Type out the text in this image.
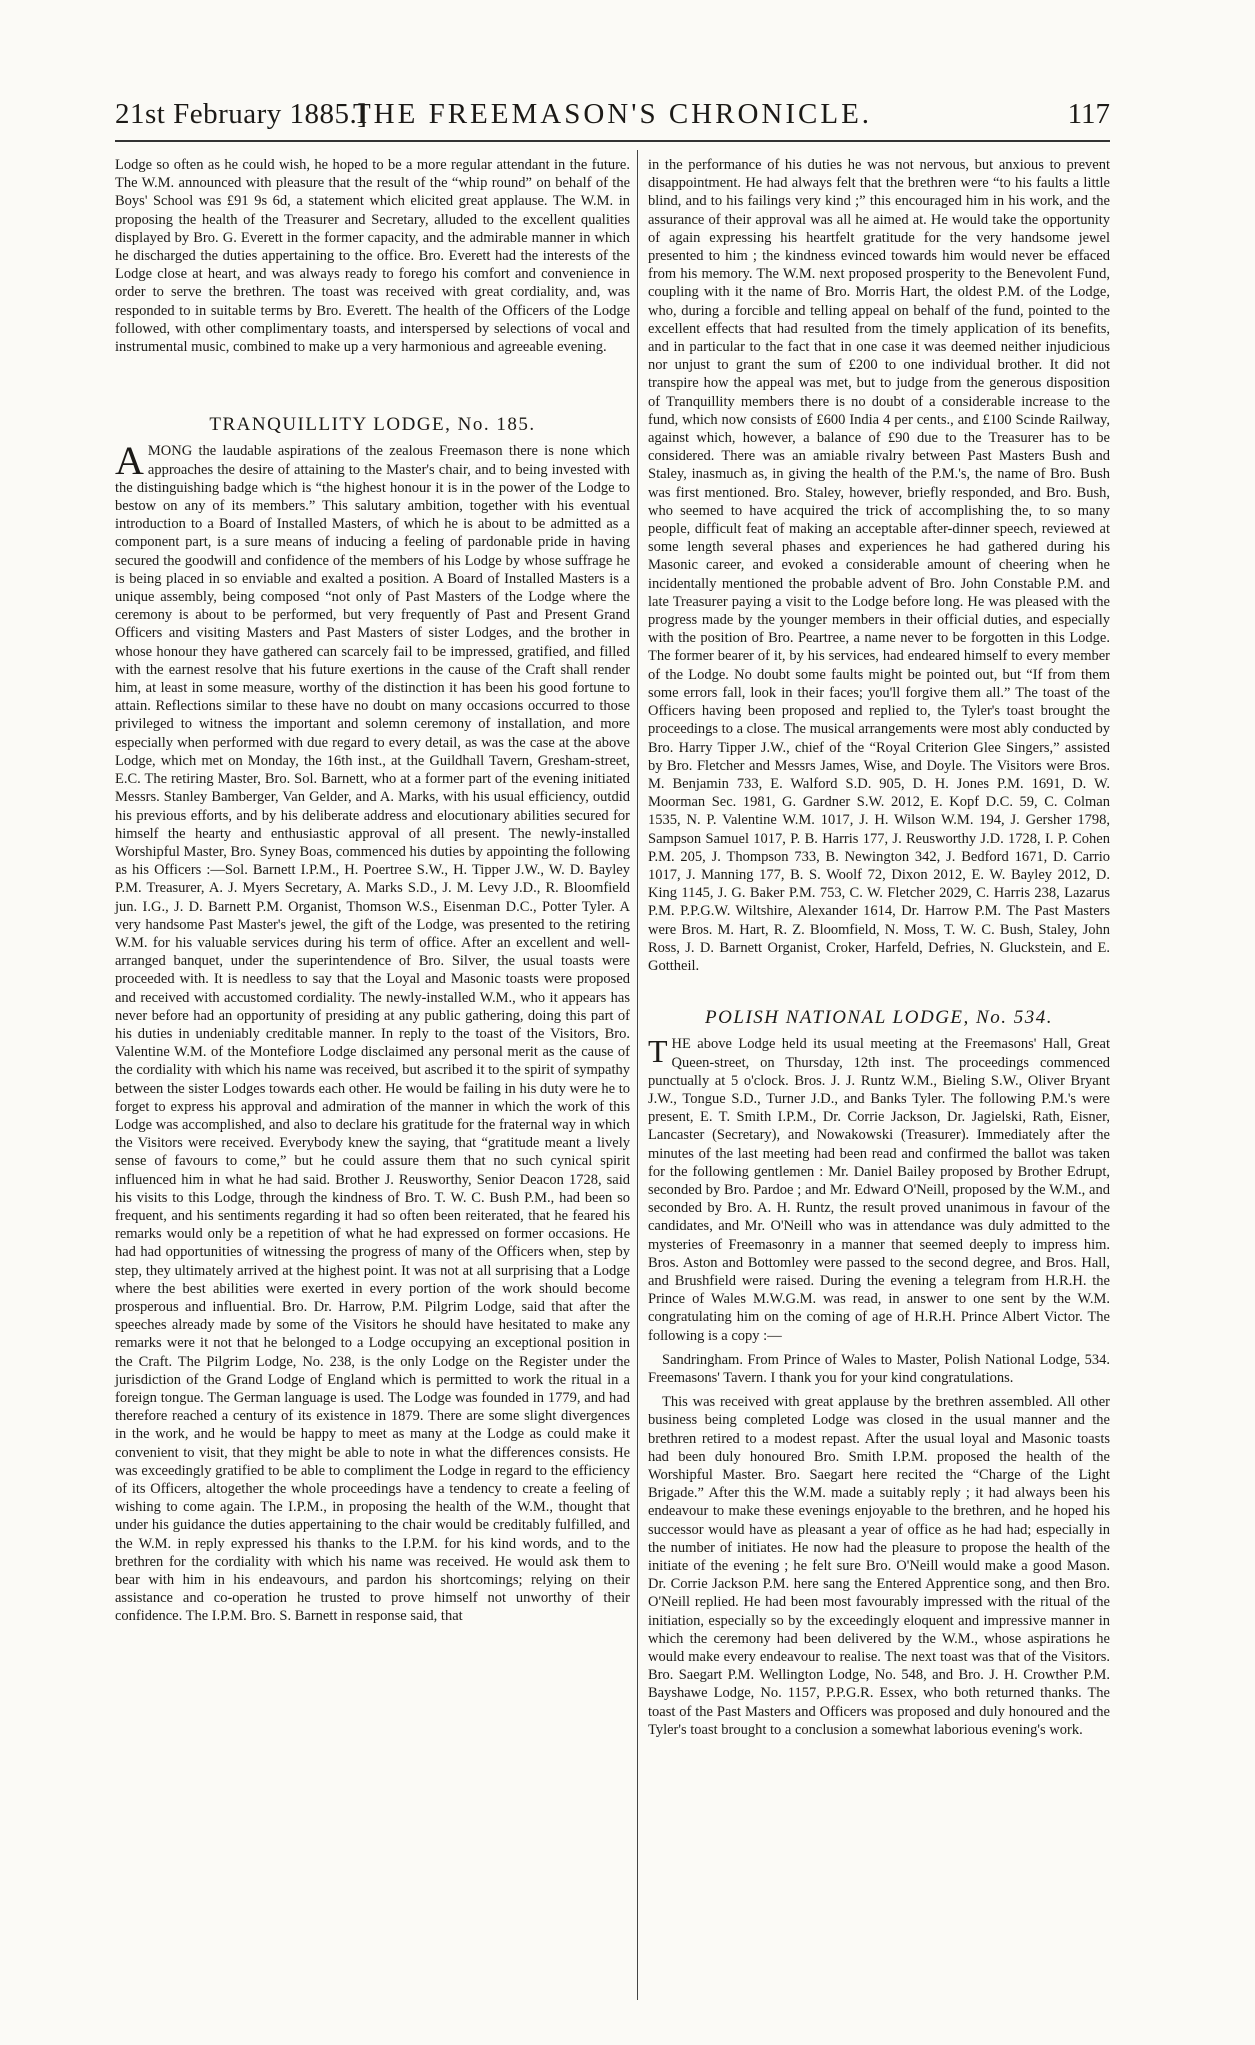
21st February 1885.]
THE FREEMASON'S CHRONICLE.	117

Lodge so often as he could wish, he hoped to be a more regular attendant in the future. The W.M. announced with pleasure that the result of the “whip round” on behalf of the Boys' School was £91 9s 6d, a statement which elicited great applause. The W.M. in proposing the health of the Treasurer and Secretary, alluded to the excellent qualities displayed by Bro. G. Everett in the former capacity, and the admirable manner in which he discharged the duties appertaining to the office. Bro. Everett had the interests of the Lodge close at heart, and was always ready to forego his comfort and convenience in order to serve the brethren. The toast was received with great cordiality, and, was responded to in suitable terms by Bro. Everett. The health of the Officers of the Lodge followed, with other complimentary toasts, and interspersed by selections of vocal and instrumental music, combined to make up a very harmonious and agreeable evening.

TRANQUILLITY LODGE, No. 185.

AMONG the laudable aspirations of the zealous Freemason there is none which approaches the desire of attaining to the Master's chair, and to being invested with the distinguishing badge which is “the highest honour it is in the power of the Lodge to bestow on any of its members.” This salutary ambition, together with his eventual introduction to a Board of Installed Masters, of which he is about to be admitted as a component part, is a sure means of inducing a feeling of pardonable pride in having secured the goodwill and confidence of the members of his Lodge by whose suffrage he is being placed in so enviable and exalted a position. A Board of Installed Masters is a unique assembly, being composed “not only of Past Masters of the Lodge where the ceremony is about to be performed, but very frequently of Past and Present Grand Officers and visiting Masters and Past Masters of sister Lodges, and the brother in whose honour they have gathered can scarcely fail to be impressed, gratified, and filled with the earnest resolve that his future exertions in the cause of the Craft shall render him, at least in some measure, worthy of the distinction it has been his good fortune to attain. Reflections similar to these have no doubt on many occasions occurred to those privileged to witness the important and solemn ceremony of installation, and more especially when performed with due regard to every detail, as was the case at the above Lodge, which met on Monday, the 16th inst., at the Guildhall Tavern, Gresham-street, E.C. The retiring Master, Bro. Sol. Barnett, who at a former part of the evening initiated Messrs. Stanley Bamberger, Van Gelder, and A. Marks, with his usual efficiency, outdid his previous efforts, and by his deliberate address and elocutionary abilities secured for himself the hearty and enthusiastic approval of all present. The newly-installed Worshipful Master, Bro. Syney Boas, commenced his duties by appointing the following as his Officers :—Sol. Barnett I.P.M., H. Poertree S.W., H. Tipper J.W., W. D. Bayley P.M. Treasurer, A. J. Myers Secretary, A. Marks S.D., J. M. Levy J.D., R. Bloomfield jun. I.G., J. D. Barnett P.M. Organist, Thomson W.S., Eisenman D.C., Potter Tyler. A very handsome Past Master's jewel, the gift of the Lodge, was presented to the retiring W.M. for his valuable services during his term of office. After an excellent and well-arranged banquet, under the superintendence of Bro. Silver, the usual toasts were proceeded with. It is needless to say that the Loyal and Masonic toasts were proposed and received with accustomed cordiality. The newly-installed W.M., who it appears has never before had an opportunity of presiding at any public gathering, doing this part of his duties in undeniably creditable manner. In reply to the toast of the Visitors, Bro. Valentine W.M. of the Montefiore Lodge disclaimed any personal merit as the cause of the cordiality with which his name was received, but ascribed it to the spirit of sympathy between the sister Lodges towards each other. He would be failing in his duty were he to forget to express his approval and admiration of the manner in which the work of this Lodge was accomplished, and also to declare his gratitude for the fraternal way in which the Visitors were received. Everybody knew the saying, that “gratitude meant a lively sense of favours to come,” but he could assure them that no such cynical spirit influenced him in what he had said. Brother J. Reusworthy, Senior Deacon 1728, said his visits to this Lodge, through the kindness of Bro. T. W. C. Bush P.M., had been so frequent, and his sentiments regarding it had so often been reiterated, that he feared his remarks would only be a repetition of what he had expressed on former occasions. He had had opportunities of witnessing the progress of many of the Officers when, step by step, they ultimately arrived at the highest point. It was not at all surprising that a Lodge where the best abilities were exerted in every portion of the work should become prosperous and influential. Bro. Dr. Harrow, P.M. Pilgrim Lodge, said that after the speeches already made by some of the Visitors he should have hesitated to make any remarks were it not that he belonged to a Lodge occupying an exceptional position in the Craft. The Pilgrim Lodge, No. 238, is the only Lodge on the Register under the jurisdiction of the Grand Lodge of England which is permitted to work the ritual in a foreign tongue. The German language is used. The Lodge was founded in 1779, and had therefore reached a century of its existence in 1879. There are some slight divergences in the work, and he would be happy to meet as many at the Lodge as could make it convenient to visit, that they might be able to note in what the differences consists. He was exceedingly gratified to be able to compliment the Lodge in regard to the efficiency of its Officers, altogether the whole proceedings have a tendency to create a feeling of wishing to come again. The I.P.M., in proposing the health of the W.M., thought that under his guidance the duties appertaining to the chair would be creditably fulfilled, and the W.M. in reply expressed his thanks to the I.P.M. for his kind words, and to the brethren for the cordiality with which his name was received. He would ask them to bear with him in his endeavours, and pardon his shortcomings; relying on their assistance and co-operation he trusted to prove himself not unworthy of their confidence. The I.P.M. Bro. S. Barnett in response said, that

in the performance of his duties he was not nervous, but anxious to prevent disappointment. He had always felt that the brethren were “to his faults a little blind, and to his failings very kind ;” this encouraged him in his work, and the assurance of their approval was all he aimed at. He would take the opportunity of again expressing his heartfelt gratitude for the very handsome jewel presented to him ; the kindness evinced towards him would never be effaced from his memory. The W.M. next proposed prosperity to the Benevolent Fund, coupling with it the name of Bro. Morris Hart, the oldest P.M. of the Lodge, who, during a forcible and telling appeal on behalf of the fund, pointed to the excellent effects that had resulted from the timely application of its benefits, and in particular to the fact that in one case it was deemed neither injudicious nor unjust to grant the sum of £200 to one individual brother. It did not transpire how the appeal was met, but to judge from the generous disposition of Tranquillity members there is no doubt of a considerable increase to the fund, which now consists of £600 India 4 per cents., and £100 Scinde Railway, against which, however, a balance of £90 due to the Treasurer has to be considered. There was an amiable rivalry between Past Masters Bush and Staley, inasmuch as, in giving the health of the P.M.'s, the name of Bro. Bush was first mentioned. Bro. Staley, however, briefly responded, and Bro. Bush, who seemed to have acquired the trick of accomplishing the, to so many people, difficult feat of making an acceptable after-dinner speech, reviewed at some length several phases and experiences he had gathered during his Masonic career, and evoked a considerable amount of cheering when he incidentally mentioned the probable advent of Bro. John Constable P.M. and late Treasurer paying a visit to the Lodge before long. He was pleased with the progress made by the younger members in their official duties, and especially with the position of Bro. Peartree, a name never to be forgotten in this Lodge. The former bearer of it, by his services, had endeared himself to every member of the Lodge. No doubt some faults might be pointed out, but “If from them some errors fall, look in their faces; you'll forgive them all.” The toast of the Officers having been proposed and replied to, the Tyler's toast brought the proceedings to a close. The musical arrangements were most ably conducted by Bro. Harry Tipper J.W., chief of the “Royal Criterion Glee Singers,” assisted by Bro. Fletcher and Messrs James, Wise, and Doyle. The Visitors were Bros. M. Benjamin 733, E. Walford S.D. 905, D. H. Jones P.M. 1691, D. W. Moorman Sec. 1981, G. Gardner S.W. 2012, E. Kopf D.C. 59, C. Colman 1535, N. P. Valentine W.M. 1017, J. H. Wilson W.M. 194, J. Gersher 1798, Sampson Samuel 1017, P. B. Harris 177, J. Reusworthy J.D. 1728, I. P. Cohen P.M. 205, J. Thompson 733, B. Newington 342, J. Bedford 1671, D. Carrio 1017, J. Manning 177, B. S. Woolf 72, Dixon 2012, E. W. Bayley 2012, D. King 1145, J. G. Baker P.M. 753, C. W. Fletcher 2029, C. Harris 238, Lazarus P.M. P.P.G.W. Wiltshire, Alexander 1614, Dr. Harrow P.M. The Past Masters were Bros. M. Hart, R. Z. Bloomfield, N. Moss, T. W. C. Bush, Staley, John Ross, J. D. Barnett Organist, Croker, Harfeld, Defries, N. Gluckstein, and E. Gottheil.

POLISH NATIONAL LODGE, No. 534.

THE above Lodge held its usual meeting at the Freemasons' Hall, Great Queen-street, on Thursday, 12th inst. The proceedings commenced punctually at 5 o'clock. Bros. J. J. Runtz W.M., Bieling S.W., Oliver Bryant J.W., Tongue S.D., Turner J.D., and Banks Tyler. The following P.M.'s were present, E. T. Smith I.P.M., Dr. Corrie Jackson, Dr. Jagielski, Rath, Eisner, Lancaster (Secretary), and Nowakowski (Treasurer). Immediately after the minutes of the last meeting had been read and confirmed the ballot was taken for the following gentlemen : Mr. Daniel Bailey proposed by Brother Edrupt, seconded by Bro. Pardoe ; and Mr. Edward O'Neill, proposed by the W.M., and seconded by Bro. A. H. Runtz, the result proved unanimous in favour of the candidates, and Mr. O'Neill who was in attendance was duly admitted to the mysteries of Freemasonry in a manner that seemed deeply to impress him. Bros. Aston and Bottomley were passed to the second degree, and Bros. Hall, and Brushfield were raised. During the evening a telegram from H.R.H. the Prince of Wales M.W.G.M. was read, in answer to one sent by the W.M. congratulating him on the coming of age of H.R.H. Prince Albert Victor. The following is a copy :—

Sandringham. From Prince of Wales to Master, Polish National Lodge, 534. Freemasons' Tavern. I thank you for your kind congratulations.

This was received with great applause by the brethren assembled. All other business being completed Lodge was closed in the usual manner and the brethren retired to a modest repast. After the usual loyal and Masonic toasts had been duly honoured Bro. Smith I.P.M. proposed the health of the Worshipful Master. Bro. Saegart here recited the “Charge of the Light Brigade.” After this the W.M. made a suitably reply ; it had always been his endeavour to make these evenings enjoyable to the brethren, and he hoped his successor would have as pleasant a year of office as he had had; especially in the number of initiates. He now had the pleasure to propose the health of the initiate of the evening ; he felt sure Bro. O'Neill would make a good Mason. Dr. Corrie Jackson P.M. here sang the Entered Apprentice song, and then Bro. O'Neill replied. He had been most favourably impressed with the ritual of the initiation, especially so by the exceedingly eloquent and impressive manner in which the ceremony had been delivered by the W.M., whose aspirations he would make every endeavour to realise. The next toast was that of the Visitors. Bro. Saegart P.M. Wellington Lodge, No. 548, and Bro. J. H. Crowther P.M. Bayshawe Lodge, No. 1157, P.P.G.R. Essex, who both returned thanks. The toast of the Past Masters and Officers was proposed and duly honoured and the Tyler's toast brought to a conclusion a somewhat laborious evening's work.
